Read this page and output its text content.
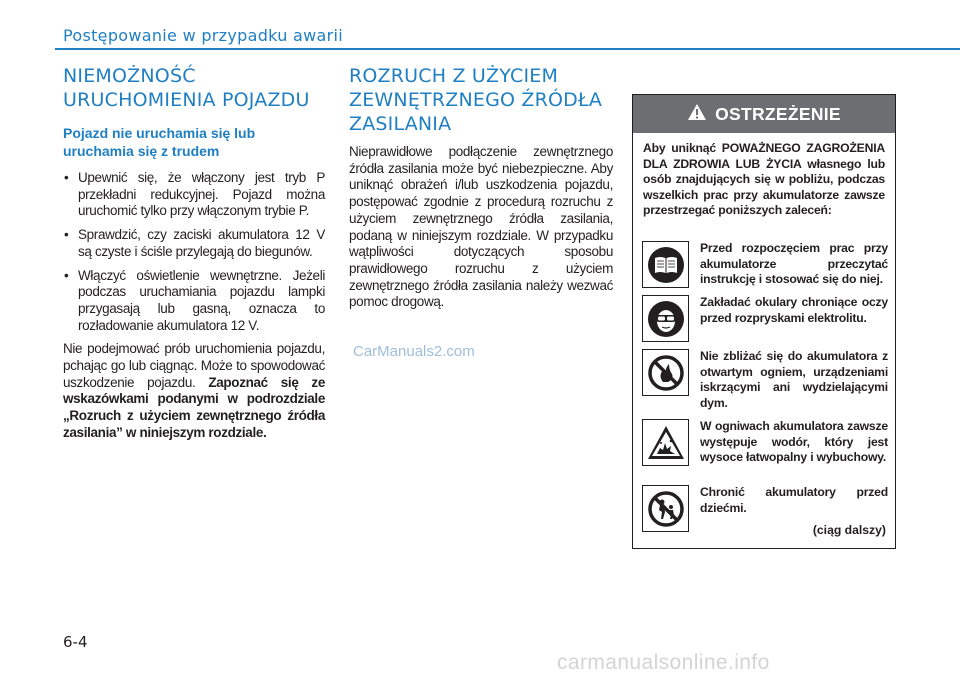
Postępowanie w przypadku awarii
NIEMOŻNOŚĆ
URUCHOMIENIA POJAZDU
Pojazd nie uruchamia się lub
uruchamia się z trudem
• Upewnić się, że włączony jest tryb P przekładni redukcyjnej. Pojazd można uruchomić tylko przy włączonym trybie P.
• Sprawdzić, czy zaciski akumulatora 12 V są czyste i ściśle przylegają do biegunów.
• Włączyć oświetlenie wewnętrzne. Jeżeli podczas uruchamiania pojazdu lampki przygasają lub gasną, oznacza to rozładowanie akumulatora 12 V.

Nie podejmować prób uruchomienia pojazdu, pchając go lub ciągnąc. Może to spowodować uszkodzenie pojazdu. Zapoznać się ze wskazówkami podanymi w podrozdziale „Rozruch z użyciem zewnętrznego źródła zasilania” w niniejszym rozdziale.

ROZRUCH Z UŻYCIEM
ZEWNĘTRZNEGO ŹRÓDŁA
ZASILANIA

Nieprawidłowe podłączenie zewnętrznego źródła zasilania może być niebezpieczne. Aby uniknąć obrażeń i/lub uszkodzenia pojazdu, postępować zgodnie z procedurą rozruchu z użyciem zewnętrznego źródła zasilania, podaną w niniejszym rozdziale. W przypadku wątpliwości dotyczących sposobu prawidłowego rozruchu z użyciem zewnętrznego źródła zasilania należy wezwać pomoc drogową.

OSTRZEŻENIE

Aby uniknąć POWAŻNEGO ZAGROŻENIA DLA ZDROWIA LUB ŻYCIA własnego lub osób znajdujących się w pobliżu, podczas wszelkich prac przy akumulatorze zawsze przestrzegać poniższych zaleceń:

Przed rozpoczęciem prac przy akumulatorze przeczytać instrukcję i stosować się do niej.

Zakładać okulary chroniące oczy przed rozpryskami elektrolitu.

Nie zbliżać się do akumulatora z otwartym ogniem, urządzeniami iskrzącymi ani wydzielającymi dym.

W ogniwach akumulatora zawsze występuje wodór, który jest wysoce łatwopalny i wybuchowy.

Chronić akumulatory przed dziećmi.

(ciąg dalszy)
CarManuals2.com
6-4
carmanualsonline.info
